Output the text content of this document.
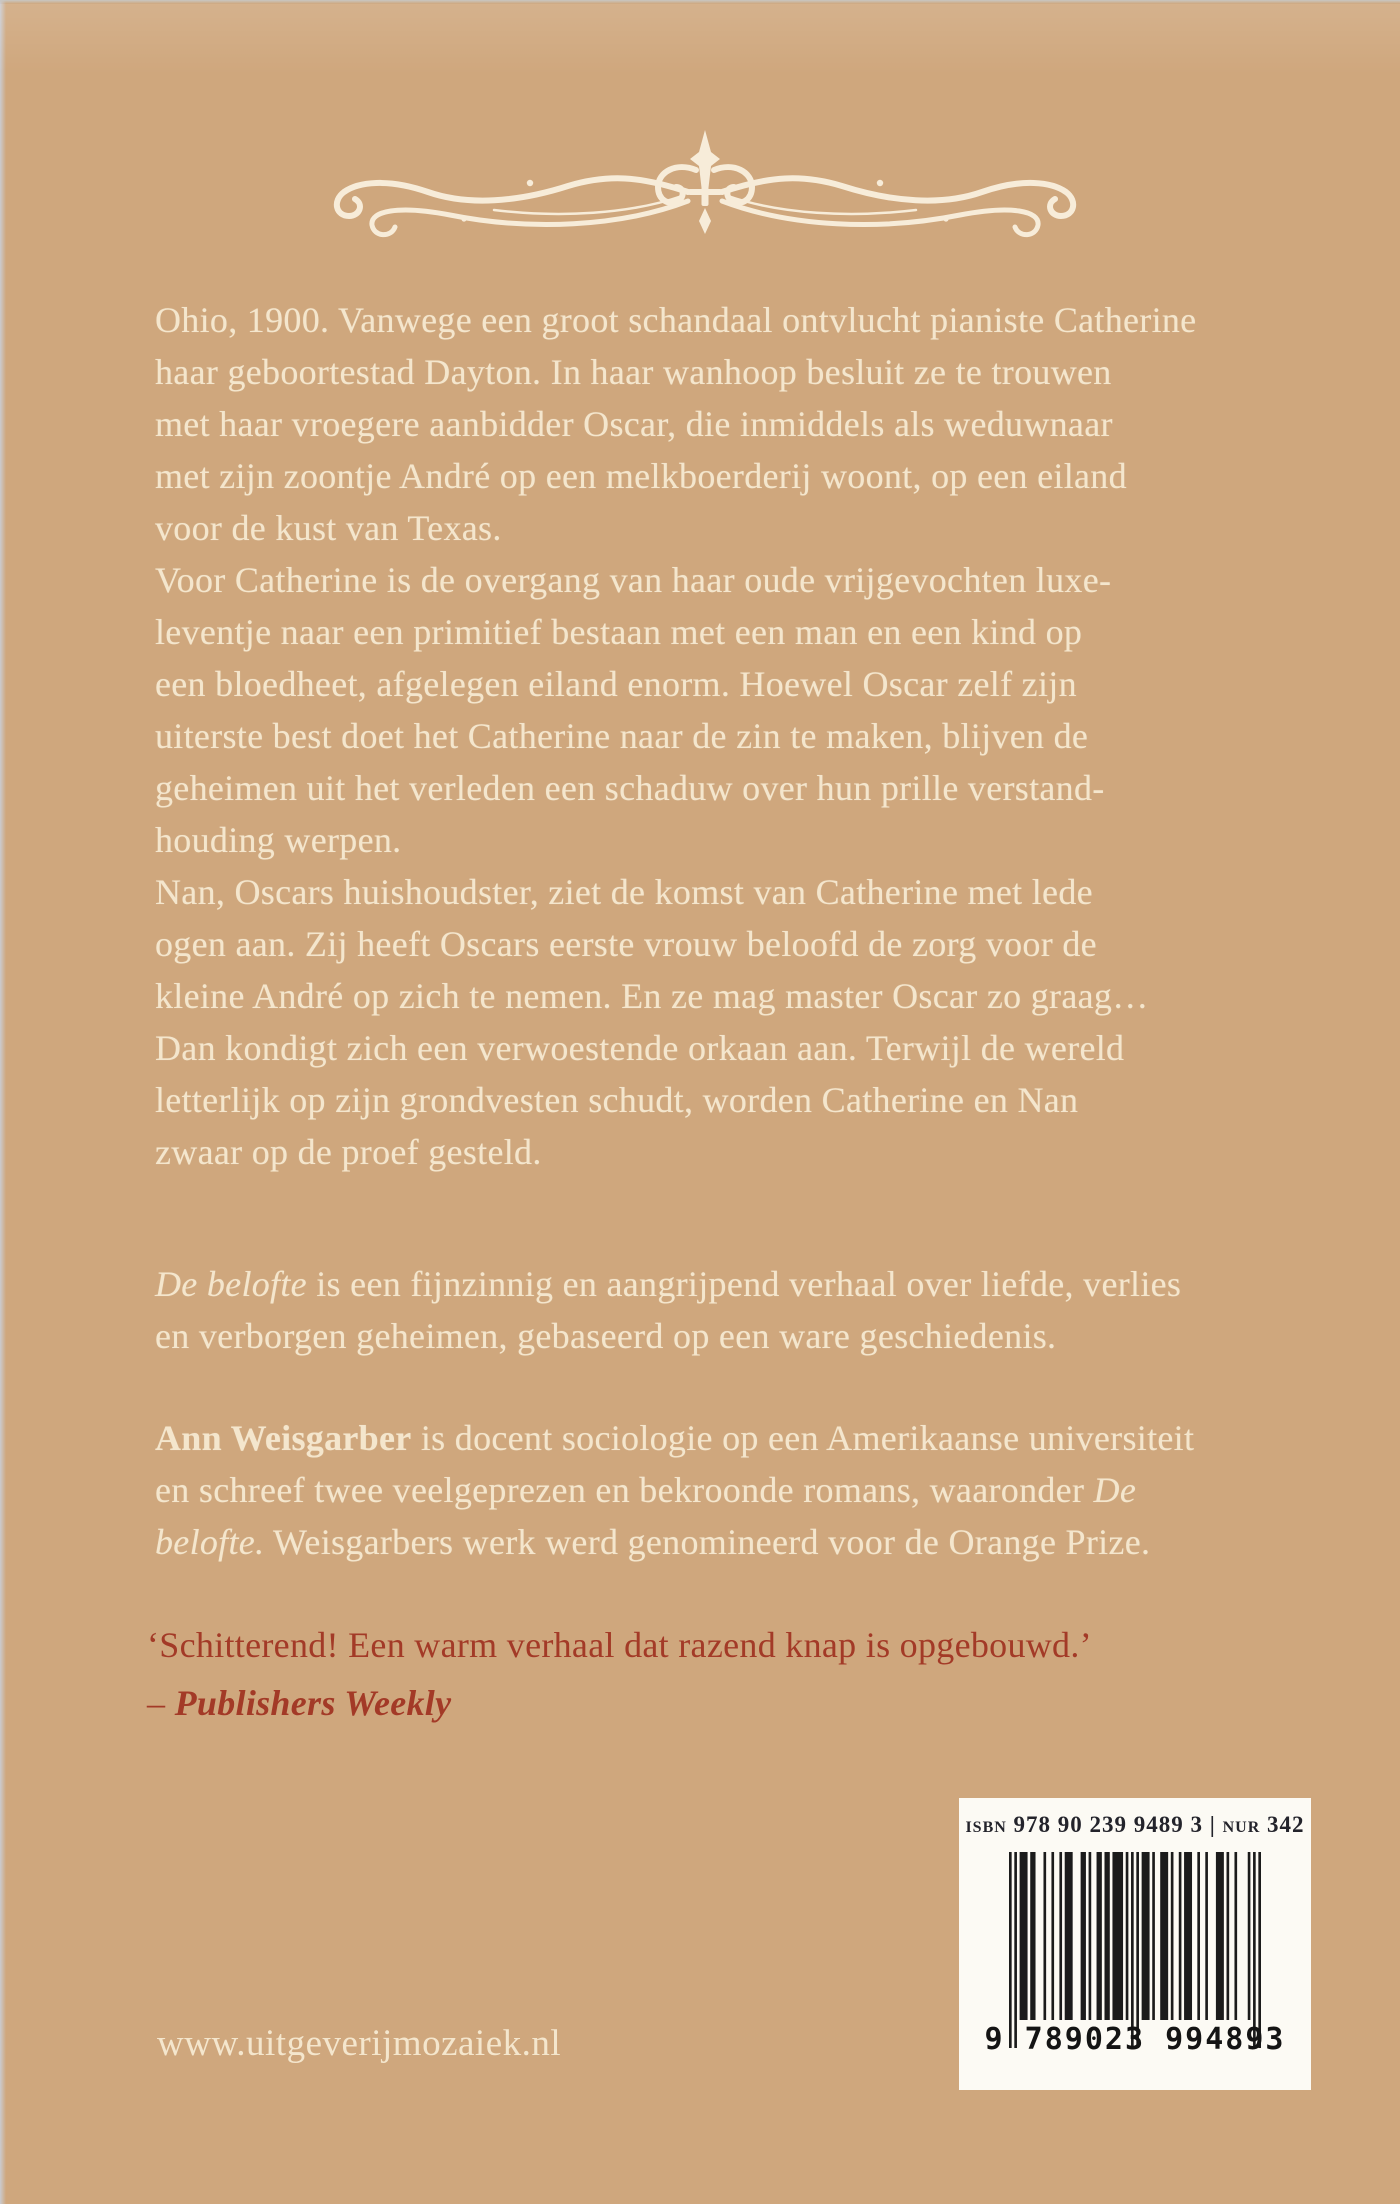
Ohio, 1900. Vanwege een groot schandaal ontvlucht pianiste Catherine
haar geboortestad Dayton. In haar wanhoop besluit ze te trouwen
met haar vroegere aanbidder Oscar, die inmiddels als weduwnaar
met zijn zoontje André op een melkboerderij woont, op een eiland
voor de kust van Texas.
Voor Catherine is de overgang van haar oude vrijgevochten luxe-
leventje naar een primitief bestaan met een man en een kind op
een bloedheet, afgelegen eiland enorm. Hoewel Oscar zelf zijn
uiterste best doet het Catherine naar de zin te maken, blijven de
geheimen uit het verleden een schaduw over hun prille verstand-
houding werpen.
Nan, Oscars huishoudster, ziet de komst van Catherine met lede
ogen aan. Zij heeft Oscars eerste vrouw beloofd de zorg voor de
kleine André op zich te nemen. En ze mag master Oscar zo graag…
Dan kondigt zich een verwoestende orkaan aan. Terwijl de wereld
letterlijk op zijn grondvesten schudt, worden Catherine en Nan
zwaar op de proef gesteld.
De belofte is een fijnzinnig en aangrijpend verhaal over liefde, verlies
en verborgen geheimen, gebaseerd op een ware geschiedenis.
Ann Weisgarber is docent sociologie op een Amerikaanse universiteit
en schreef twee veelgeprezen en bekroonde romans, waaronder De
belofte. Weisgarbers werk werd genomineerd voor de Orange Prize.
‘Schitterend! Een warm verhaal dat razend knap is opgebouwd.’
– Publishers Weekly
www.uitgeverijmozaiek.nl
isbn 978 90 239 9489 3 | nur 342
9 789023 994893
